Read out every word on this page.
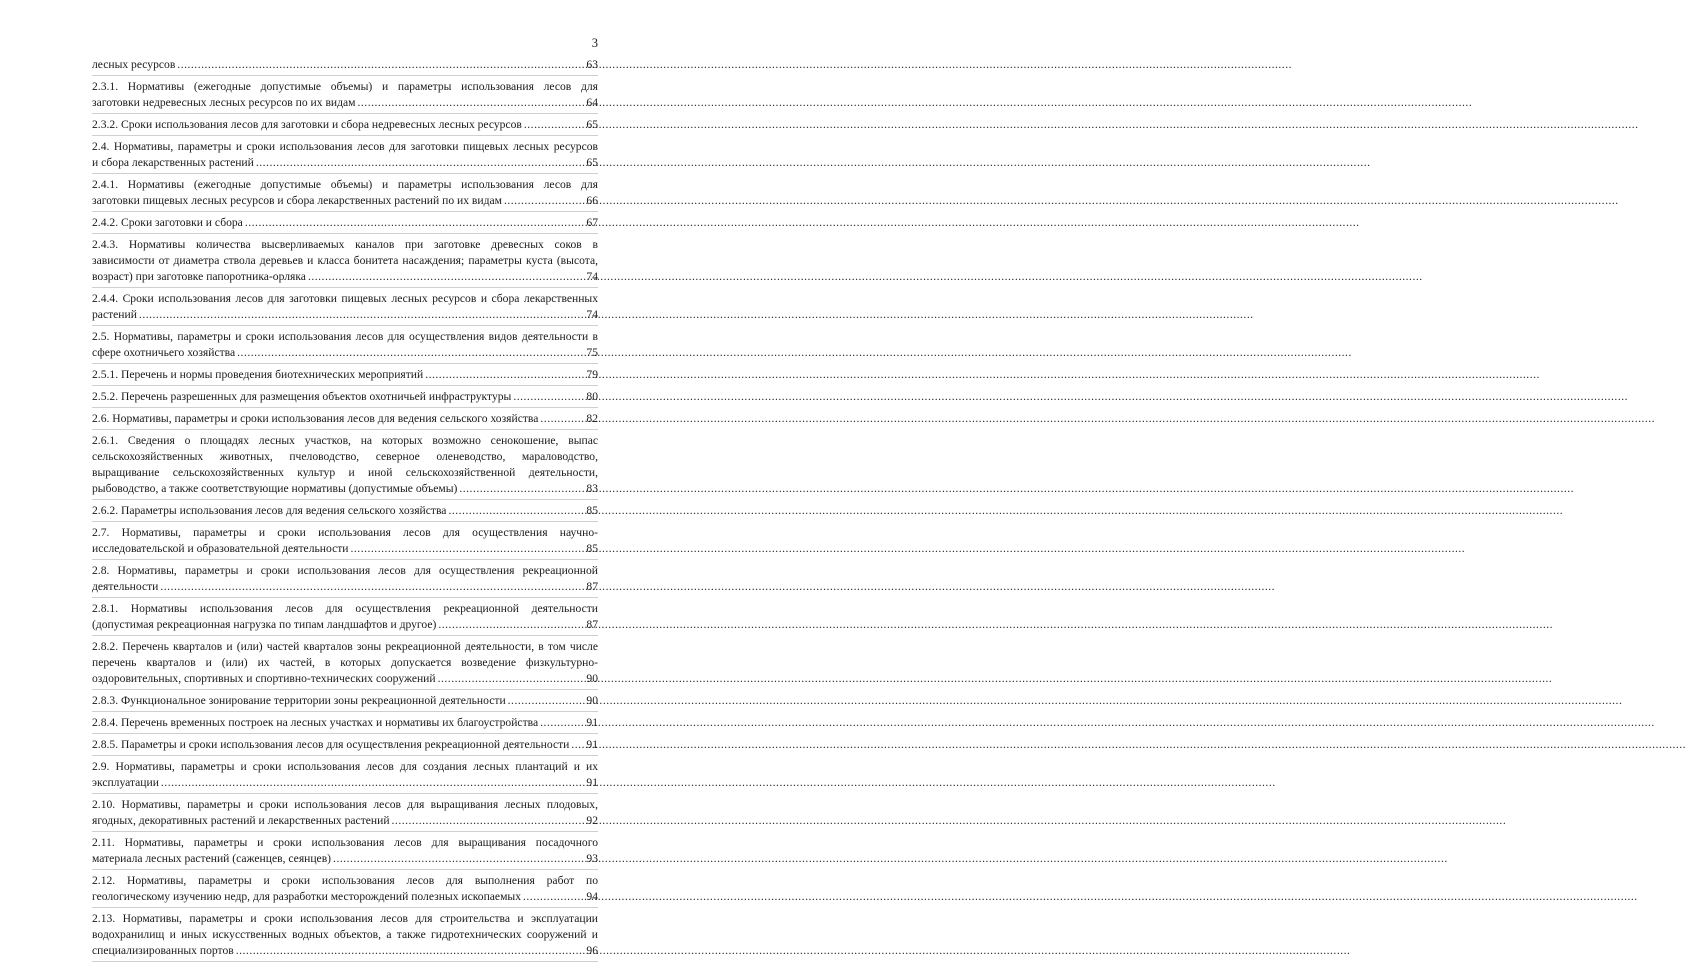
3
лесных ресурсов .....	63
2.3.1. Нормативы (ежегодные допустимые объемы) и параметры использования лесов для
заготовки недревесных лесных ресурсов по их видам .....	64
2.3.2. Сроки использования лесов для заготовки и сбора недревесных лесных ресурсов .....	65
2.4. Нормативы, параметры и сроки использования лесов для заготовки пищевых лесных ресурсов
и сбора лекарственных растений .....	65
2.4.1. Нормативы (ежегодные допустимые объемы) и параметры использования лесов для
заготовки пищевых лесных ресурсов и сбора лекарственных растений по их видам .....	66
2.4.2. Сроки заготовки и сбора .....	67
2.4.3. Нормативы количества высверливаемых каналов при заготовке древесных соков в
зависимости от диаметра ствола деревьев и класса бонитета насаждения; параметры куста (высота,
возраст) при заготовке папоротника-орляка .....	74
2.4.4. Сроки использования лесов для заготовки пищевых лесных ресурсов и сбора лекарственных
растений .....	74
2.5. Нормативы, параметры и сроки использования лесов для осуществления видов деятельности в
сфере охотничьего хозяйства .....	75
2.5.1. Перечень и нормы проведения биотехнических мероприятий .....	79
2.5.2. Перечень разрешенных для размещения объектов охотничьей инфраструктуры .....	80
2.6. Нормативы, параметры и сроки использования лесов для ведения сельского хозяйства .....	82
2.6.1. Сведения о площадях лесных участков, на которых возможно сенокошение, выпас
сельскохозяйственных животных, пчеловодство, северное оленеводство, мараловодство,
выращивание сельскохозяйственных культур и иной сельскохозяйственной деятельности,
рыбоводство, а также соответствующие нормативы (допустимые объемы) .....	83
2.6.2. Параметры использования лесов для ведения сельского хозяйства .....	85
2.7. Нормативы, параметры и сроки использования лесов для осуществления научно-
исследовательской и образовательной деятельности .....	85
2.8. Нормативы, параметры и сроки использования лесов для осуществления рекреационной
деятельности .....	87
2.8.1. Нормативы использования лесов для осуществления рекреационной деятельности
(допустимая рекреационная нагрузка по типам ландшафтов и другое) .....	87
2.8.2. Перечень кварталов и (или) частей кварталов зоны рекреационной деятельности, в том числе
перечень кварталов и (или) их частей, в которых допускается возведение физкультурно-
оздоровительных, спортивных и спортивно-технических сооружений .....	90
2.8.3. Функциональное зонирование территории зоны рекреационной деятельности .....	90
2.8.4. Перечень временных построек на лесных участках и нормативы их благоустройства .....	91
2.8.5. Параметры и сроки использования лесов для осуществления рекреационной деятельности ..... 91
2.9. Нормативы, параметры и сроки использования лесов для создания лесных плантаций и их
эксплуатации .....	91
2.10. Нормативы, параметры и сроки использования лесов для выращивания лесных плодовых,
ягодных, декоративных растений и лекарственных растений .....	92
2.11. Нормативы, параметры и сроки использования лесов для выращивания посадочного
материала лесных растений (саженцев, сеянцев) .....	93
2.12. Нормативы, параметры и сроки использования лесов для выполнения работ по
геологическому изучению недр, для разработки месторождений полезных ископаемых .....	94
2.13. Нормативы, параметры и сроки использования лесов для строительства и эксплуатации
водохранилищ и иных искусственных водных объектов, а также гидротехнических сооружений и
специализированных портов .....	96
